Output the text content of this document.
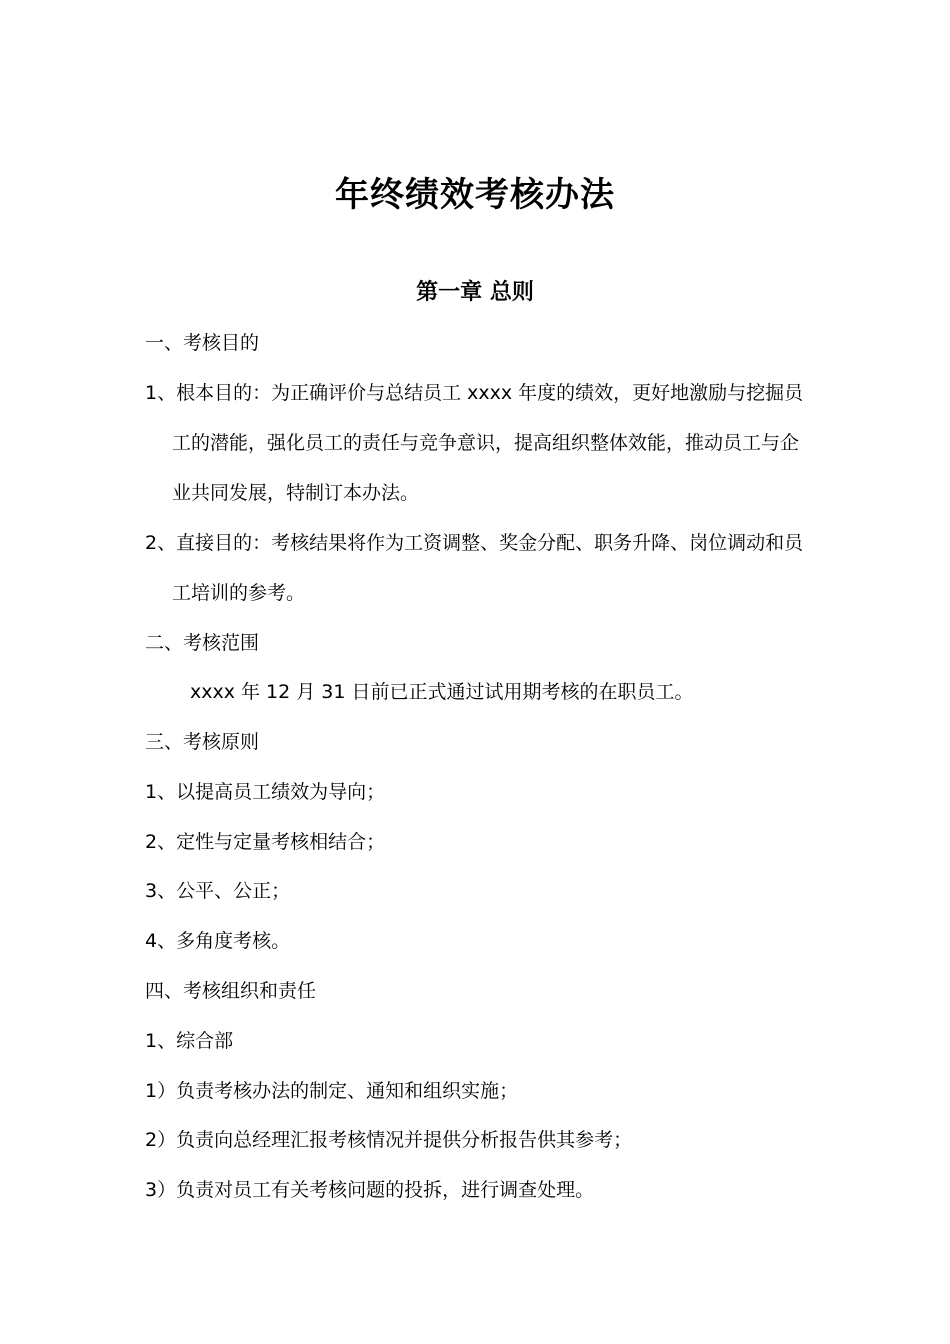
年终绩效考核办法
第一章 总则
一、考核目的
1、根本目的：为正确评价与总结员工 xxxx 年度的绩效，更好地激励与挖掘员
工的潜能，强化员工的责任与竞争意识，提高组织整体效能，推动员工与企
业共同发展，特制订本办法。
2、直接目的：考核结果将作为工资调整、奖金分配、职务升降、岗位调动和员
工培训的参考。
二、考核范围
xxxx 年 12 月 31 日前已正式通过试用期考核的在职员工。
三、考核原则
1、以提高员工绩效为导向；
2、定性与定量考核相结合；
3、公平、公正；
4、多角度考核。
四、考核组织和责任
1、综合部
1）负责考核办法的制定、通知和组织实施；
2）负责向总经理汇报考核情况并提供分析报告供其参考；
3）负责对员工有关考核问题的投拆，进行调查处理。
